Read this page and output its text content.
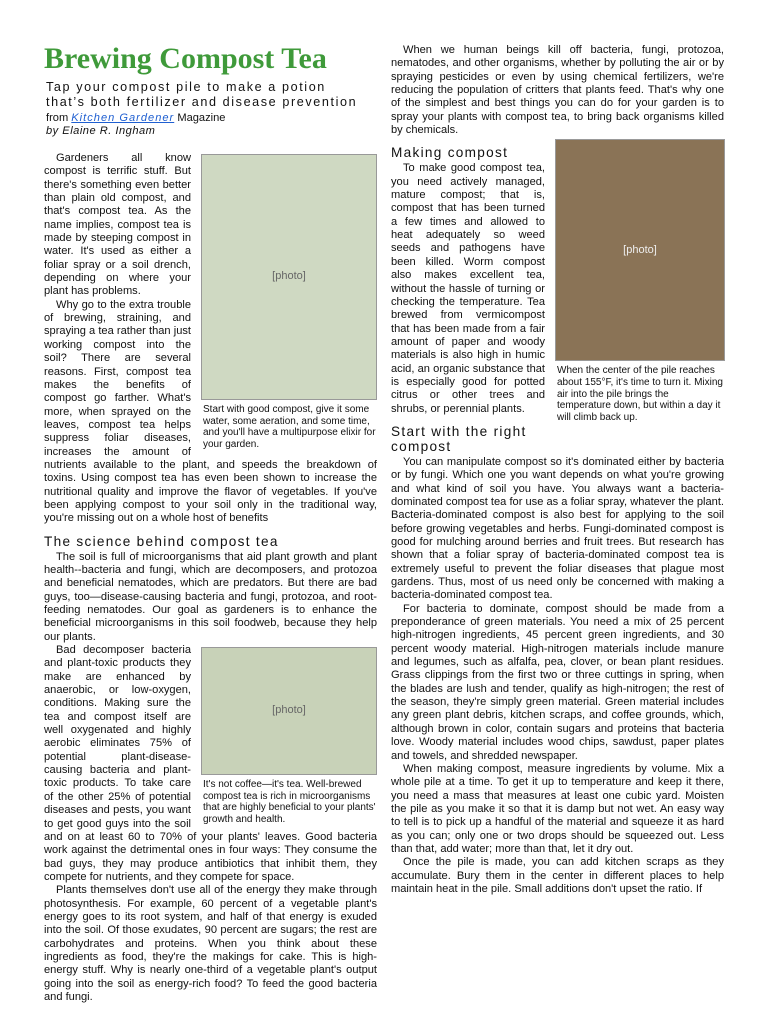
Brewing Compost Tea
Tap your compost pile to make a potion
that’s both fertilizer and disease prevention
from Kitchen Gardener Magazine
by Elaine R. Ingham
[photo]
Start with good compost, give it some water, some aeration, and some time, and you'll have a multipurpose elixir for your garden.

Gardeners all know compost is terrific stuff. But there's something even better than plain old compost, and that's compost tea. As the name implies, compost tea is made by steeping compost in water. It's used as either a foliar spray or a soil drench, depending on where your plant has problems.

Why go to the extra trouble of brewing, straining, and spraying a tea rather than just working compost into the soil? There are several reasons. First, compost tea makes the benefits of compost go farther. What's more, when sprayed on the leaves, compost tea helps suppress foliar diseases, increases the amount of nutrients available to the plant, and speeds the breakdown of toxins. Using compost tea has even been shown to increase the nutritional quality and improve the flavor of vegetables. If you've been applying compost to your soil only in the traditional way, you're missing out on a whole host of benefits

The science behind compost tea

The soil is full of microorganisms that aid plant growth and plant health--bacteria and fungi, which are decomposers, and protozoa and beneficial nematodes, which are predators. But there are bad guys, too—disease-causing bacteria and fungi, protozoa, and root-feeding nematodes. Our goal as gardeners is to enhance the beneficial microorganisms in this soil foodweb, because they help our plants.

[photo]
It's not coffee—it's tea. Well-brewed compost tea is rich in microorganisms that are highly beneficial to your plants' growth and health.

Bad decomposer bacteria and plant-toxic products they make are enhanced by anaerobic, or low-oxygen, conditions. Making sure the tea and compost itself are well oxygenated and highly aerobic eliminates 75% of potential plant-disease-causing bacteria and plant-toxic products. To take care of the other 25% of potential diseases and pests, you want to get good guys into the soil and on at least 60 to 70% of your plants' leaves. Good bacteria work against the detrimental ones in four ways: They consume the bad guys, they may produce antibiotics that inhibit them, they compete for nutrients, and they compete for space.

Plants themselves don't use all of the energy they make through photosynthesis. For example, 60 percent of a vegetable plant's energy goes to its root system, and half of that energy is exuded into the soil. Of those exudates, 90 percent are sugars; the rest are carbohydrates and proteins. When you think about these ingredients as food, they're the makings for cake. This is high-energy stuff. Why is nearly one-third of a vegetable plant's output going into the soil as energy-rich food? To feed the good bacteria and fungi.

When we human beings kill off bacteria, fungi, protozoa, nematodes, and other organisms, whether by polluting the air or by spraying pesticides or even by using chemical fertilizers, we're reducing the population of critters that plants feed. That's why one of the simplest and best things you can do for your garden is to spray your plants with compost tea, to bring back organisms killed by chemicals.

[photo]
When the center of the pile reaches about 155°F, it's time to turn it. Mixing air into the pile brings the temperature down, but within a day it will climb back up.
Making compost

To make good compost tea, you need actively managed, mature compost; that is, compost that has been turned a few times and allowed to heat adequately so weed seeds and pathogens have been killed. Worm compost also makes excellent tea, without the hassle of turning or checking the temperature. Tea brewed from vermicompost that has been made from a fair amount of paper and woody materials is also high in humic acid, an organic substance that is especially good for potted citrus or other trees and shrubs, or perennial plants.

Start with the right compost

You can manipulate compost so it's dominated either by bacteria or by fungi. Which one you want depends on what you're growing and what kind of soil you have. You always want a bacteria-dominated compost tea for use as a foliar spray, whatever the plant. Bacteria-dominated compost is also best for applying to the soil before growing vegetables and herbs. Fungi-dominated compost is good for mulching around berries and fruit trees. But research has shown that a foliar spray of bacteria-dominated compost tea is extremely useful to prevent the foliar diseases that plague most gardens. Thus, most of us need only be concerned with making a bacteria-dominated compost tea.

For bacteria to dominate, compost should be made from a preponderance of green materials. You need a mix of 25 percent high-nitrogen ingredients, 45 percent green ingredients, and 30 percent woody material. High-nitrogen materials include manure and legumes, such as alfalfa, pea, clover, or bean plant residues. Grass clippings from the first two or three cuttings in spring, when the blades are lush and tender, qualify as high-nitrogen; the rest of the season, they're simply green material. Green material includes any green plant debris, kitchen scraps, and coffee grounds, which, although brown in color, contain sugars and proteins that bacteria love. Woody material includes wood chips, sawdust, paper plates and towels, and shredded newspaper.

When making compost, measure ingredients by volume. Mix a whole pile at a time. To get it up to temperature and keep it there, you need a mass that measures at least one cubic yard. Moisten the pile as you make it so that it is damp but not wet. An easy way to tell is to pick up a handful of the material and squeeze it as hard as you can; only one or two drops should be squeezed out. Less than that, add water; more than that, let it dry out.

Once the pile is made, you can add kitchen scraps as they accumulate. Bury them in the center in different places to help maintain heat in the pile. Small additions don't upset the ratio. If
